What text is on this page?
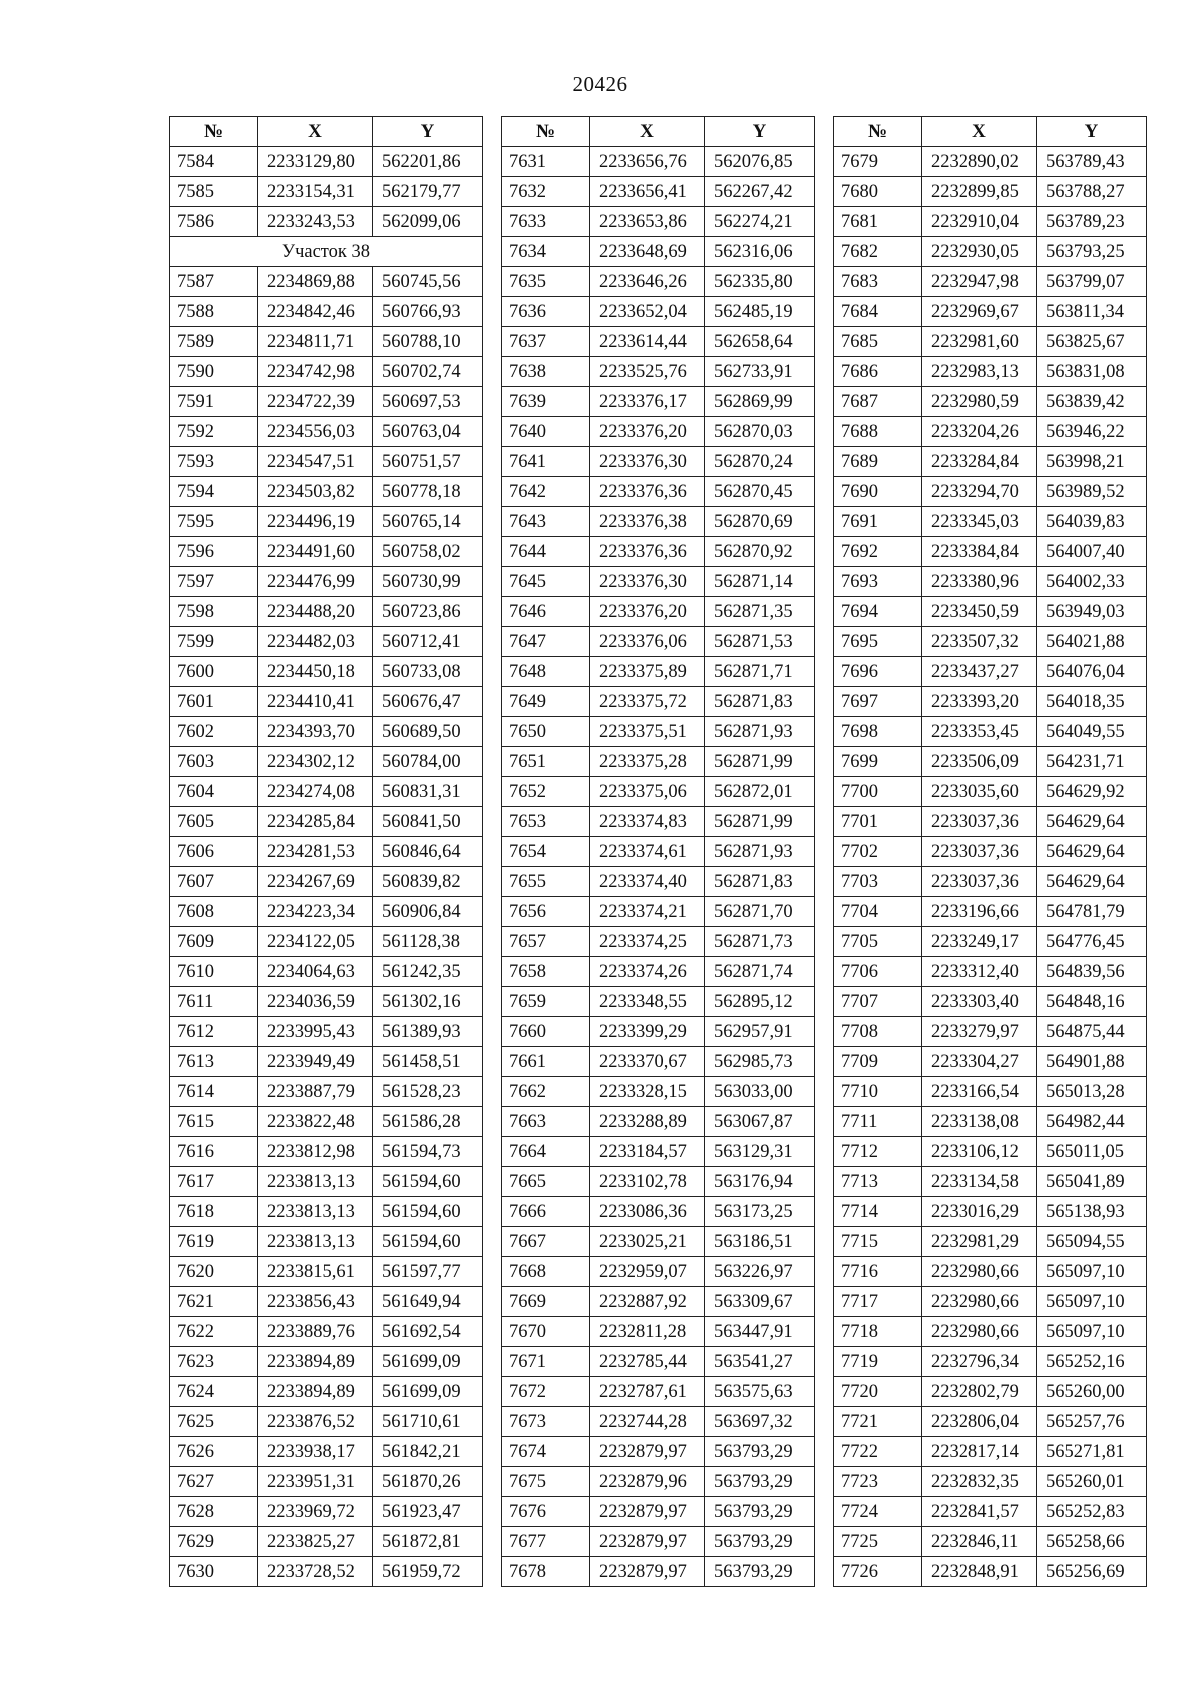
20426
№	X	Y
7584	2233129,80	562201,86
7585	2233154,31	562179,77
7586	2233243,53	562099,06
Участок 38		
7587	2234869,88	560745,56
7588	2234842,46	560766,93
7589	2234811,71	560788,10
7590	2234742,98	560702,74
7591	2234722,39	560697,53
7592	2234556,03	560763,04
7593	2234547,51	560751,57
7594	2234503,82	560778,18
7595	2234496,19	560765,14
7596	2234491,60	560758,02
7597	2234476,99	560730,99
7598	2234488,20	560723,86
7599	2234482,03	560712,41
7600	2234450,18	560733,08
7601	2234410,41	560676,47
7602	2234393,70	560689,50
7603	2234302,12	560784,00
7604	2234274,08	560831,31
7605	2234285,84	560841,50
7606	2234281,53	560846,64
7607	2234267,69	560839,82
7608	2234223,34	560906,84
7609	2234122,05	561128,38
7610	2234064,63	561242,35
7611	2234036,59	561302,16
7612	2233995,43	561389,93
7613	2233949,49	561458,51
7614	2233887,79	561528,23
7615	2233822,48	561586,28
7616	2233812,98	561594,73
7617	2233813,13	561594,60
7618	2233813,13	561594,60
7619	2233813,13	561594,60
7620	2233815,61	561597,77
7621	2233856,43	561649,94
7622	2233889,76	561692,54
7623	2233894,89	561699,09
7624	2233894,89	561699,09
7625	2233876,52	561710,61
7626	2233938,17	561842,21
7627	2233951,31	561870,26
7628	2233969,72	561923,47
7629	2233825,27	561872,81
7630	2233728,52	561959,72
№	X	Y
7631	2233656,76	562076,85
7632	2233656,41	562267,42
7633	2233653,86	562274,21
7634	2233648,69	562316,06
7635	2233646,26	562335,80
7636	2233652,04	562485,19
7637	2233614,44	562658,64
7638	2233525,76	562733,91
7639	2233376,17	562869,99
7640	2233376,20	562870,03
7641	2233376,30	562870,24
7642	2233376,36	562870,45
7643	2233376,38	562870,69
7644	2233376,36	562870,92
7645	2233376,30	562871,14
7646	2233376,20	562871,35
7647	2233376,06	562871,53
7648	2233375,89	562871,71
7649	2233375,72	562871,83
7650	2233375,51	562871,93
7651	2233375,28	562871,99
7652	2233375,06	562872,01
7653	2233374,83	562871,99
7654	2233374,61	562871,93
7655	2233374,40	562871,83
7656	2233374,21	562871,70
7657	2233374,25	562871,73
7658	2233374,26	562871,74
7659	2233348,55	562895,12
7660	2233399,29	562957,91
7661	2233370,67	562985,73
7662	2233328,15	563033,00
7663	2233288,89	563067,87
7664	2233184,57	563129,31
7665	2233102,78	563176,94
7666	2233086,36	563173,25
7667	2233025,21	563186,51
7668	2232959,07	563226,97
7669	2232887,92	563309,67
7670	2232811,28	563447,91
7671	2232785,44	563541,27
7672	2232787,61	563575,63
7673	2232744,28	563697,32
7674	2232879,97	563793,29
7675	2232879,96	563793,29
7676	2232879,97	563793,29
7677	2232879,97	563793,29
7678	2232879,97	563793,29
№	X	Y
7679	2232890,02	563789,43
7680	2232899,85	563788,27
7681	2232910,04	563789,23
7682	2232930,05	563793,25
7683	2232947,98	563799,07
7684	2232969,67	563811,34
7685	2232981,60	563825,67
7686	2232983,13	563831,08
7687	2232980,59	563839,42
7688	2233204,26	563946,22
7689	2233284,84	563998,21
7690	2233294,70	563989,52
7691	2233345,03	564039,83
7692	2233384,84	564007,40
7693	2233380,96	564002,33
7694	2233450,59	563949,03
7695	2233507,32	564021,88
7696	2233437,27	564076,04
7697	2233393,20	564018,35
7698	2233353,45	564049,55
7699	2233506,09	564231,71
7700	2233035,60	564629,92
7701	2233037,36	564629,64
7702	2233037,36	564629,64
7703	2233037,36	564629,64
7704	2233196,66	564781,79
7705	2233249,17	564776,45
7706	2233312,40	564839,56
7707	2233303,40	564848,16
7708	2233279,97	564875,44
7709	2233304,27	564901,88
7710	2233166,54	565013,28
7711	2233138,08	564982,44
7712	2233106,12	565011,05
7713	2233134,58	565041,89
7714	2233016,29	565138,93
7715	2232981,29	565094,55
7716	2232980,66	565097,10
7717	2232980,66	565097,10
7718	2232980,66	565097,10
7719	2232796,34	565252,16
7720	2232802,79	565260,00
7721	2232806,04	565257,76
7722	2232817,14	565271,81
7723	2232832,35	565260,01
7724	2232841,57	565252,83
7725	2232846,11	565258,66
7726	2232848,91	565256,69
